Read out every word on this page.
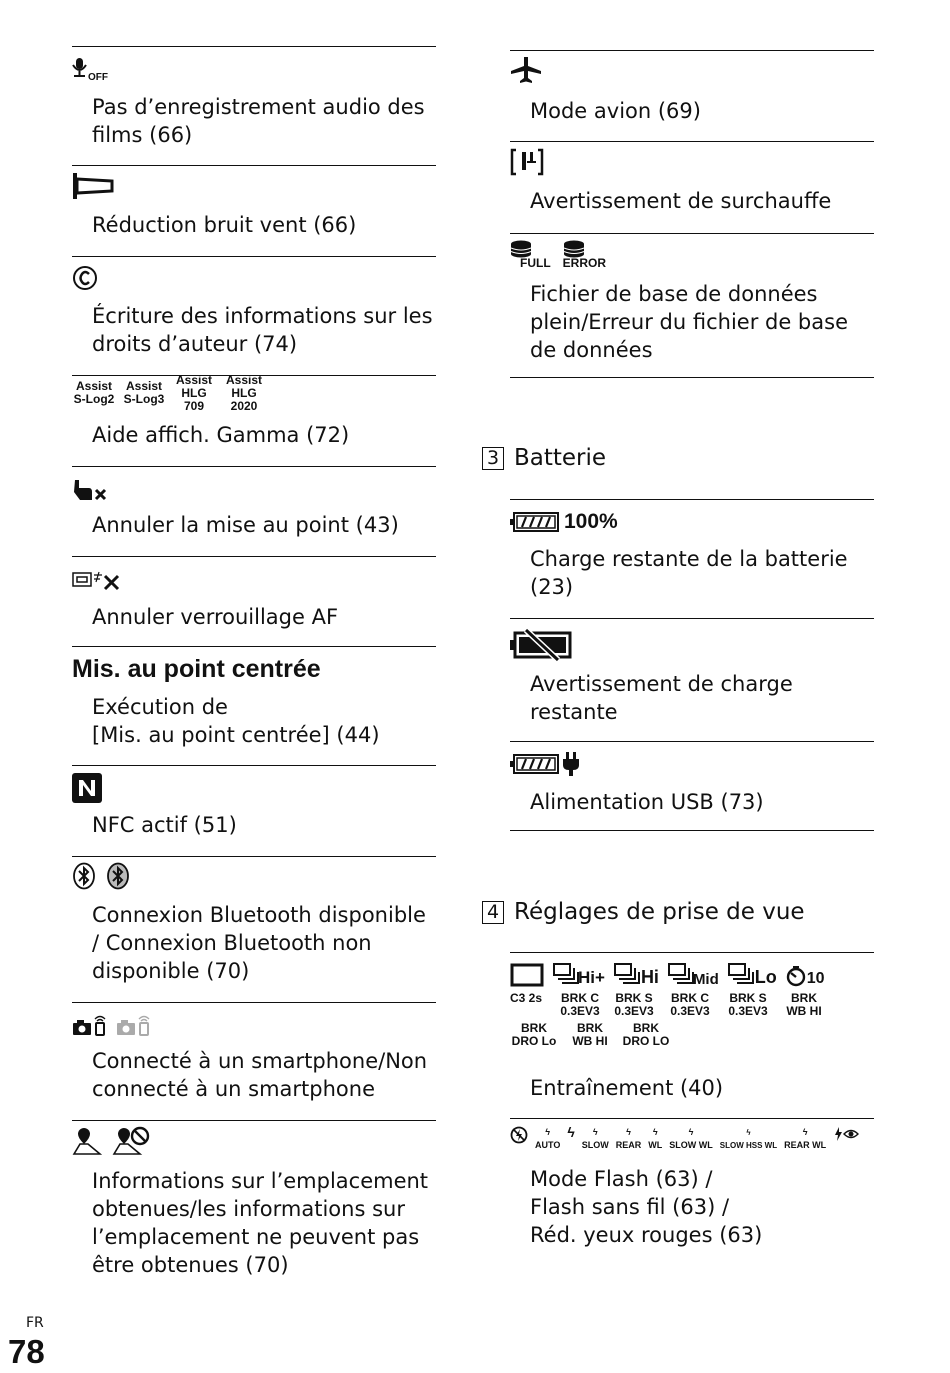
OFF
Pas d’enregistrement audio des films (66)
Réduction bruit vent (66)
Écriture des informations sur les droits d’auteur (74)
Assist S-Log2
Assist S-Log3
Assist HLG 709
Assist HLG 2020
Aide affich. Gamma (72)
Annuler la mise au point (43)
Annuler verrouillage AF
Mis. au point centrée
Exécution de
[Mis. au point centrée] (44)
NFC actif (51)
Connexion Bluetooth disponible / Connexion Bluetooth non disponible (70)
Connecté à un smartphone/Non connecté à un smartphone
Informations sur l’emplacement obtenues/les informations sur l’emplacement ne peuvent pas être obtenues (70)
Mode avion (69)
Avertissement de surchauffe
FULL ERROR
Fichier de base de données plein/Erreur du fichier de base de données
3 Batterie
100%
Charge restante de la batterie (23)
Avertissement de charge restante
Alimentation USB (73)
4 Réglages de prise de vue
Hi+ Hi Mid Lo 10
C3 2s	BRK C 0.3EV3
BRK S 0.3EV3
BRK C 0.3EV3
BRK S 0.3EV3
BRK WB HI
BRK DRO Lo
BRK WB HI
BRK DRO LO
Entraînement (40)
ϟ
AUTO
ϟ	ϟ
SLOW
ϟ
REAR
ϟ
WL
ϟ
SLOW WL
ϟ
SLOW HSS WL
ϟ
REAR WL
Mode Flash (63) /
Flash sans fil (63) /
Réd. yeux rouges (63)
FR
78
